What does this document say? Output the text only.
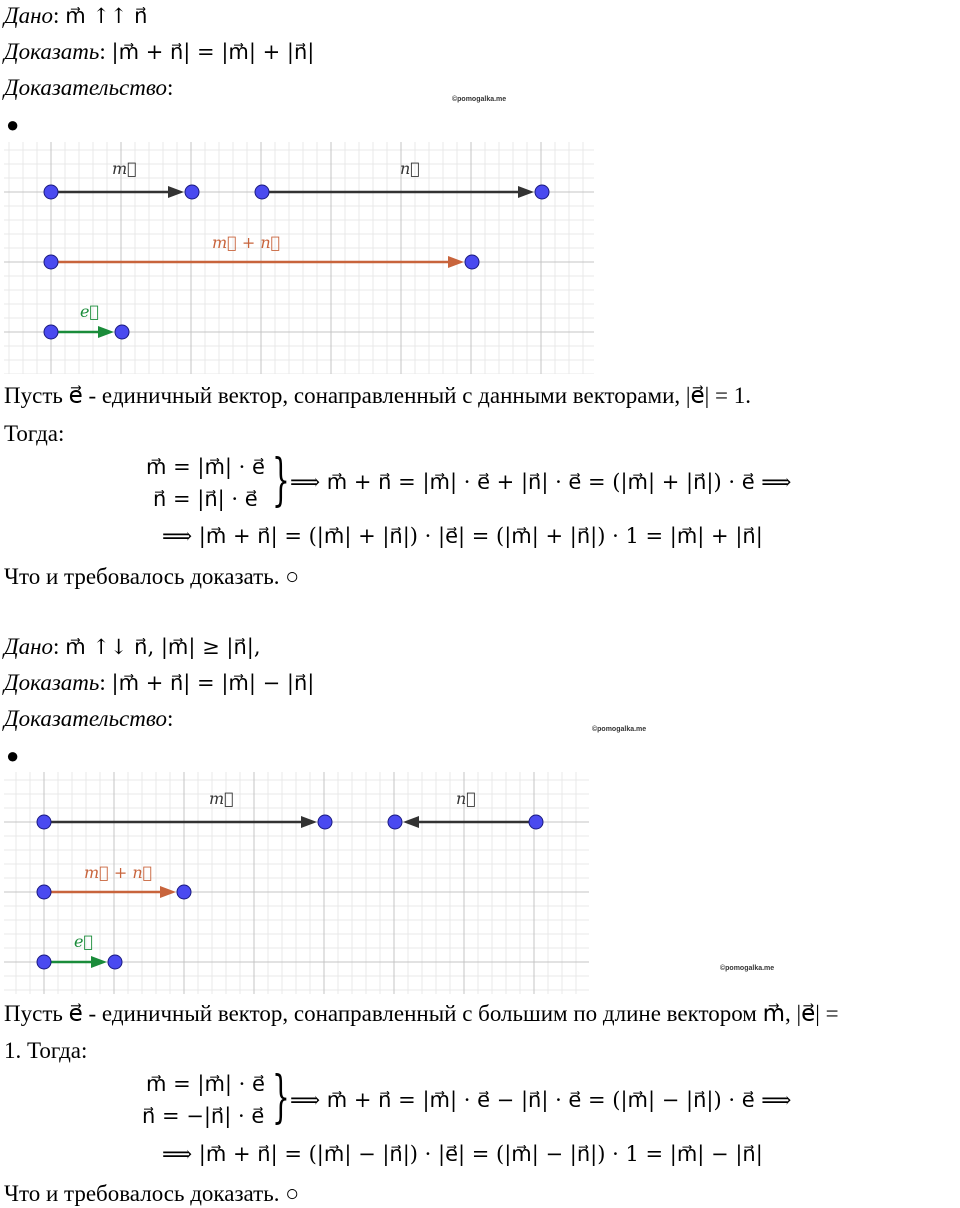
Дано: m⃗ ↑↑ n⃗
Доказать: |m⃗ + n⃗| = |m⃗| + |n⃗|
Доказательство:	©pomogalka.me
●
m⃗	n⃗
m⃗ + n⃗
e⃗
Пусть e⃗ - единичный вектор, сонаправленный с данными векторами, |e⃗| = 1.
Тогда:
m⃗ = |m⃗| · e⃗
n⃗ = |n⃗| · e⃗ } ⟹ m⃗ + n⃗ = |m⃗| · e⃗ + |n⃗| · e⃗ = (|m⃗| + |n⃗|) · e⃗ ⟹
⟹ |m⃗ + n⃗| = (|m⃗| + |n⃗|) · |e⃗| = (|m⃗| + |n⃗|) · 1 = |m⃗| + |n⃗|
Что и требовалось доказать. ○
Дано: m⃗ ↑↓ n⃗, |m⃗| ≥ |n⃗|,
Доказать: |m⃗ + n⃗| = |m⃗| − |n⃗|
Доказательство:	©pomogalka.me
●
m⃗	n⃗
m⃗ + n⃗
e⃗
©pomogalka.me
Пусть e⃗ - единичный вектор, сонаправленный с большим по длине вектором m⃗, |e⃗| =
1. Тогда:
m⃗ = |m⃗| · e⃗
n⃗ = −|n⃗| · e⃗ } ⟹ m⃗ + n⃗ = |m⃗| · e⃗ − |n⃗| · e⃗ = (|m⃗| − |n⃗|) · e⃗ ⟹
⟹ |m⃗ + n⃗| = (|m⃗| − |n⃗|) · |e⃗| = (|m⃗| − |n⃗|) · 1 = |m⃗| − |n⃗|
Что и требовалось доказать. ○
